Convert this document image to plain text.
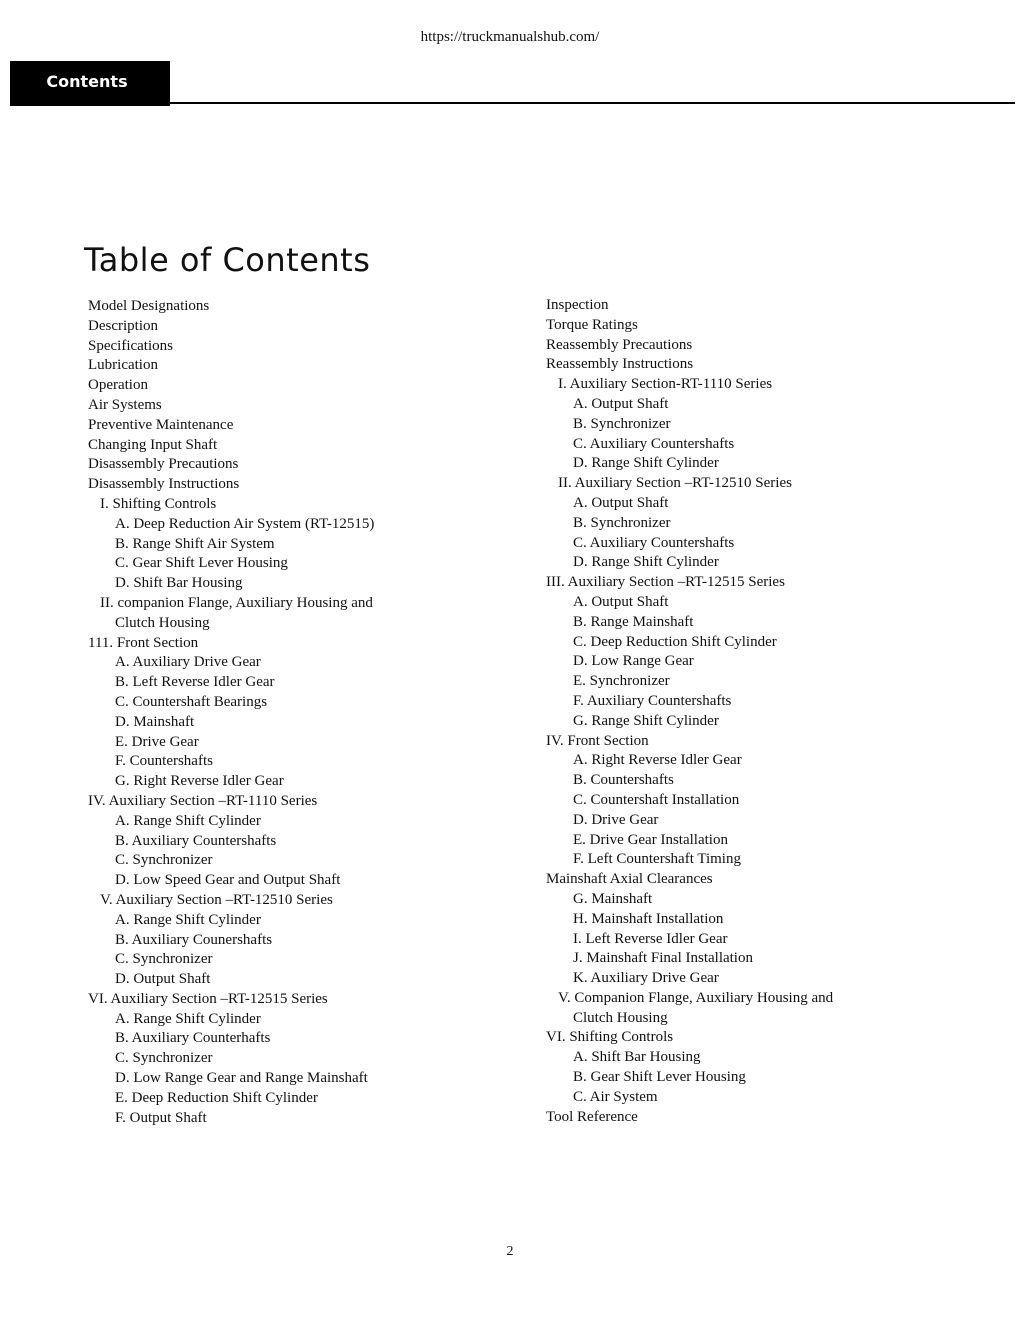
https://truckmanualshub.com/
Contents
Table of Contents
Model Designations
Description
Specifications
Lubrication
Operation
Air Systems
Preventive Maintenance
Changing Input Shaft
Disassembly Precautions
Disassembly Instructions
I. Shifting Controls
A. Deep Reduction Air System (RT-12515)
B. Range Shift Air System
C. Gear Shift Lever Housing
D. Shift Bar Housing
II. companion Flange, Auxiliary Housing and
Clutch Housing
111. Front Section
A. Auxiliary Drive Gear
B. Left Reverse Idler Gear
C. Countershaft Bearings
D. Mainshaft
E. Drive Gear
F. Countershafts
G. Right Reverse Idler Gear
IV. Auxiliary Section –RT-1110 Series
A. Range Shift Cylinder
B. Auxiliary Countershafts
C. Synchronizer
D. Low Speed Gear and Output Shaft
V. Auxiliary Section –RT-12510 Series
A. Range Shift Cylinder
B. Auxiliary Counershafts
C. Synchronizer
D. Output Shaft
VI. Auxiliary Section –RT-12515 Series
A. Range Shift Cylinder
B. Auxiliary Counterhafts
C. Synchronizer
D. Low Range Gear and Range Mainshaft
E. Deep Reduction Shift Cylinder
F. Output Shaft
Inspection
Torque Ratings
Reassembly Precautions
Reassembly Instructions
I. Auxiliary Section-RT-1110 Series
A. Output Shaft
B. Synchronizer
C. Auxiliary Countershafts
D. Range Shift Cylinder
II. Auxiliary Section –RT-12510 Series
A. Output Shaft
B. Synchronizer
C. Auxiliary Countershafts
D. Range Shift Cylinder
III. Auxiliary Section –RT-12515 Series
A. Output Shaft
B. Range Mainshaft
C. Deep Reduction Shift Cylinder
D. Low Range Gear
E. Synchronizer
F. Auxiliary Countershafts
G. Range Shift Cylinder
IV. Front Section
A. Right Reverse Idler Gear
B. Countershafts
C. Countershaft Installation
D. Drive Gear
E. Drive Gear Installation
F. Left Countershaft Timing
Mainshaft Axial Clearances
G. Mainshaft
H. Mainshaft Installation
I. Left Reverse Idler Gear
J. Mainshaft Final Installation
K. Auxiliary Drive Gear
V. Companion Flange, Auxiliary Housing and
Clutch Housing
VI. Shifting Controls
A. Shift Bar Housing
B. Gear Shift Lever Housing
C. Air System
Tool Reference
2
